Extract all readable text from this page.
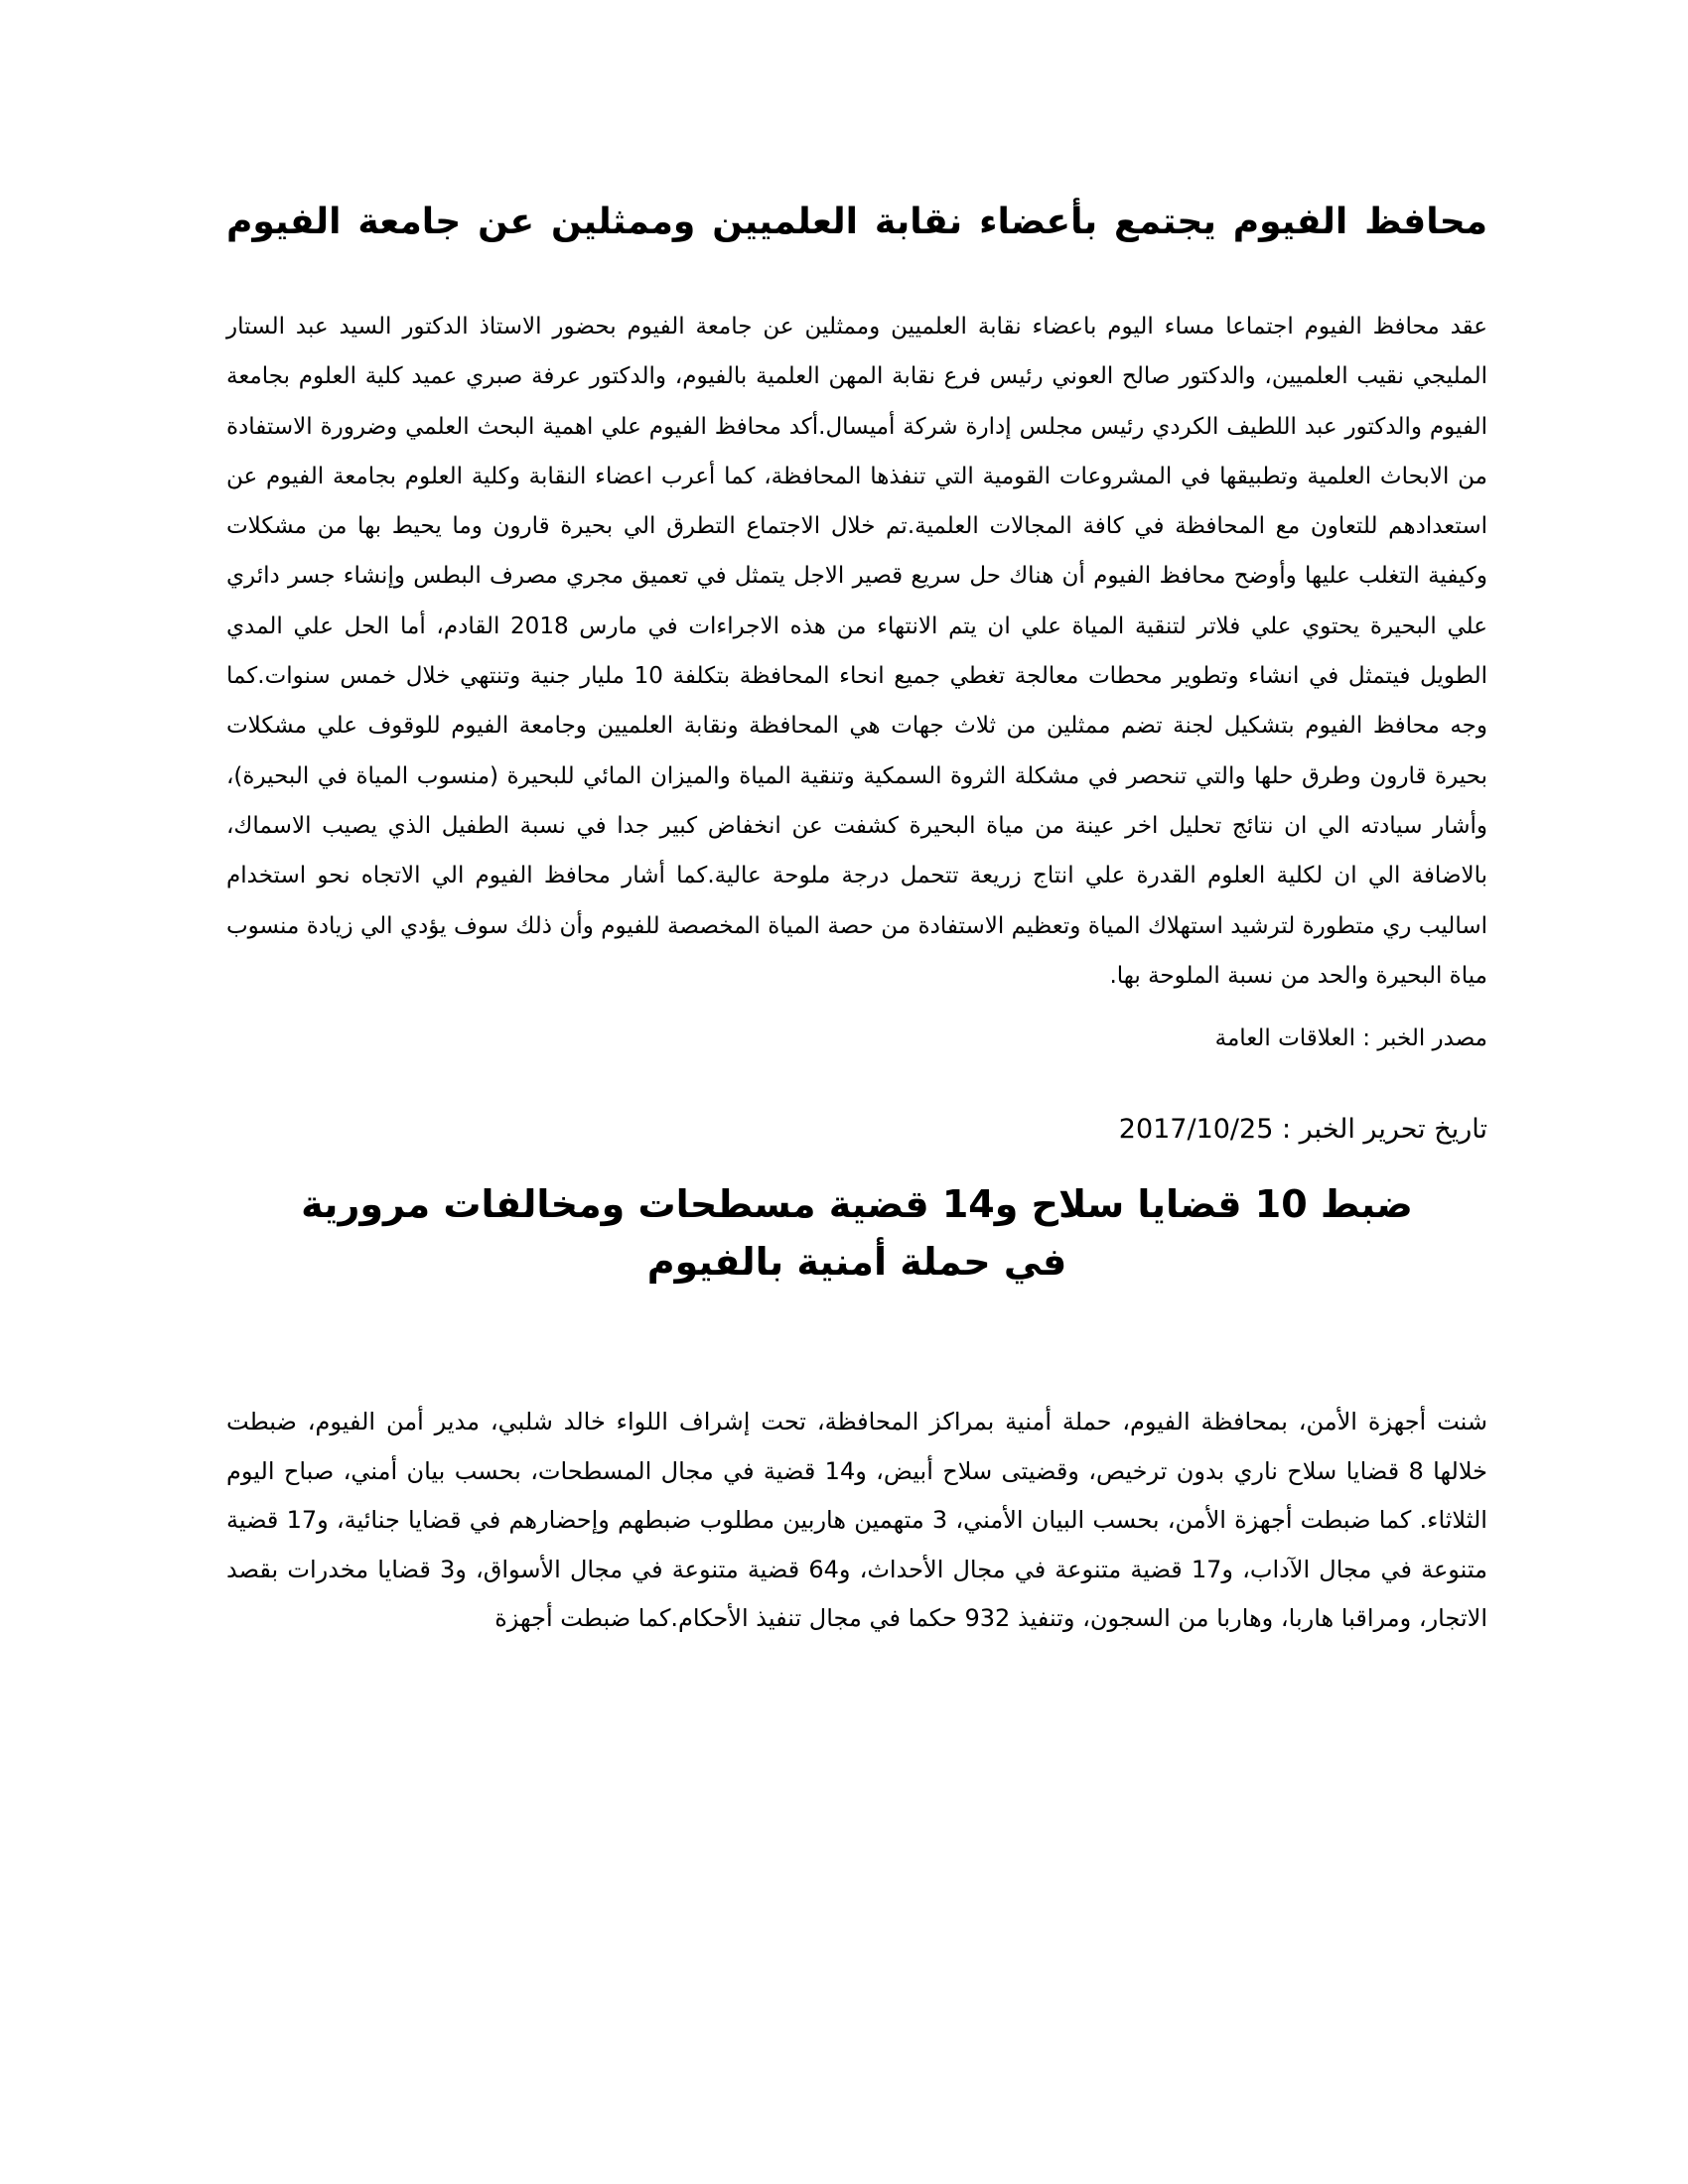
محافظ الفيوم يجتمع بأعضاء نقابة العلميين وممثلين عن جامعة الفيوم

عقد محافظ الفيوم اجتماعا مساء اليوم باعضاء نقابة العلميين وممثلين عن جامعة الفيوم بحضور الاستاذ الدكتور السيد عبد الستار المليجي نقيب العلميين، والدكتور صالح العوني رئيس فرع نقابة المهن العلمية بالفيوم، والدكتور عرفة صبري عميد كلية العلوم بجامعة الفيوم والدكتور عبد اللطيف الكردي رئيس مجلس إدارة شركة أميسال.أكد محافظ الفيوم علي اهمية البحث العلمي وضرورة الاستفادة من الابحاث العلمية وتطبيقها في المشروعات القومية التي تنفذها المحافظة، كما أعرب اعضاء النقابة وكلية العلوم بجامعة الفيوم عن استعدادهم للتعاون مع المحافظة في كافة المجالات العلمية.تم خلال الاجتماع التطرق الي بحيرة قارون وما يحيط بها من مشكلات وكيفية التغلب عليها وأوضح محافظ الفيوم أن هناك حل سريع قصير الاجل يتمثل في تعميق مجري مصرف البطس وإنشاء جسر دائري علي البحيرة يحتوي علي فلاتر لتنقية المياة علي ان يتم الانتهاء من هذه الاجراءات في مارس 2018 القادم، أما الحل علي المدي الطويل فيتمثل في انشاء وتطوير محطات معالجة تغطي جميع انحاء المحافظة بتكلفة 10 مليار جنية وتنتهي خلال خمس سنوات.كما وجه محافظ الفيوم بتشكيل لجنة تضم ممثلين من ثلاث جهات هي المحافظة ونقابة العلميين وجامعة الفيوم للوقوف علي مشكلات بحيرة قارون وطرق حلها والتي تنحصر في مشكلة الثروة السمكية وتنقية المياة والميزان المائي للبحيرة (منسوب المياة في البحيرة)، وأشار سيادته الي ان نتائج تحليل اخر عينة من مياة البحيرة كشفت عن انخفاض كبير جدا في نسبة الطفيل الذي يصيب الاسماك، بالاضافة الي ان لكلية العلوم القدرة علي انتاج زريعة تتحمل درجة ملوحة عالية.كما أشار محافظ الفيوم الي الاتجاه نحو استخدام اساليب ري متطورة لترشيد استهلاك المياة وتعظيم الاستفادة من حصة المياة المخصصة للفيوم وأن ذلك سوف يؤدي الي زيادة منسوب مياة البحيرة والحد من نسبة الملوحة بها.

مصدر الخبر : العلاقات العامة

تاريخ تحرير الخبر : 2017/10/25

ضبط 10 قضايا سلاح و14 قضية مسطحات ومخالفات مرورية في حملة أمنية بالفيوم

شنت أجهزة الأمن، بمحافظة الفيوم، حملة أمنية بمراكز المحافظة، تحت إشراف اللواء خالد شلبي، مدير أمن الفيوم، ضبطت خلالها 8 قضايا سلاح ناري بدون ترخيص، وقضيتى سلاح أبيض، و14 قضية في مجال المسطحات، بحسب بيان أمني، صباح اليوم الثلاثاء. كما ضبطت أجهزة الأمن، بحسب البيان الأمني، 3 متهمين هاربين مطلوب ضبطهم وإحضارهم في قضايا جنائية، و17 قضية متنوعة في مجال الآداب، و17 قضية متنوعة في مجال الأحداث، و64 قضية متنوعة في مجال الأسواق، و3 قضايا مخدرات بقصد الاتجار، ومراقبا هاربا، وهاربا من السجون، وتنفيذ 932 حكما في مجال تنفيذ الأحكام.كما ضبطت أجهزة
